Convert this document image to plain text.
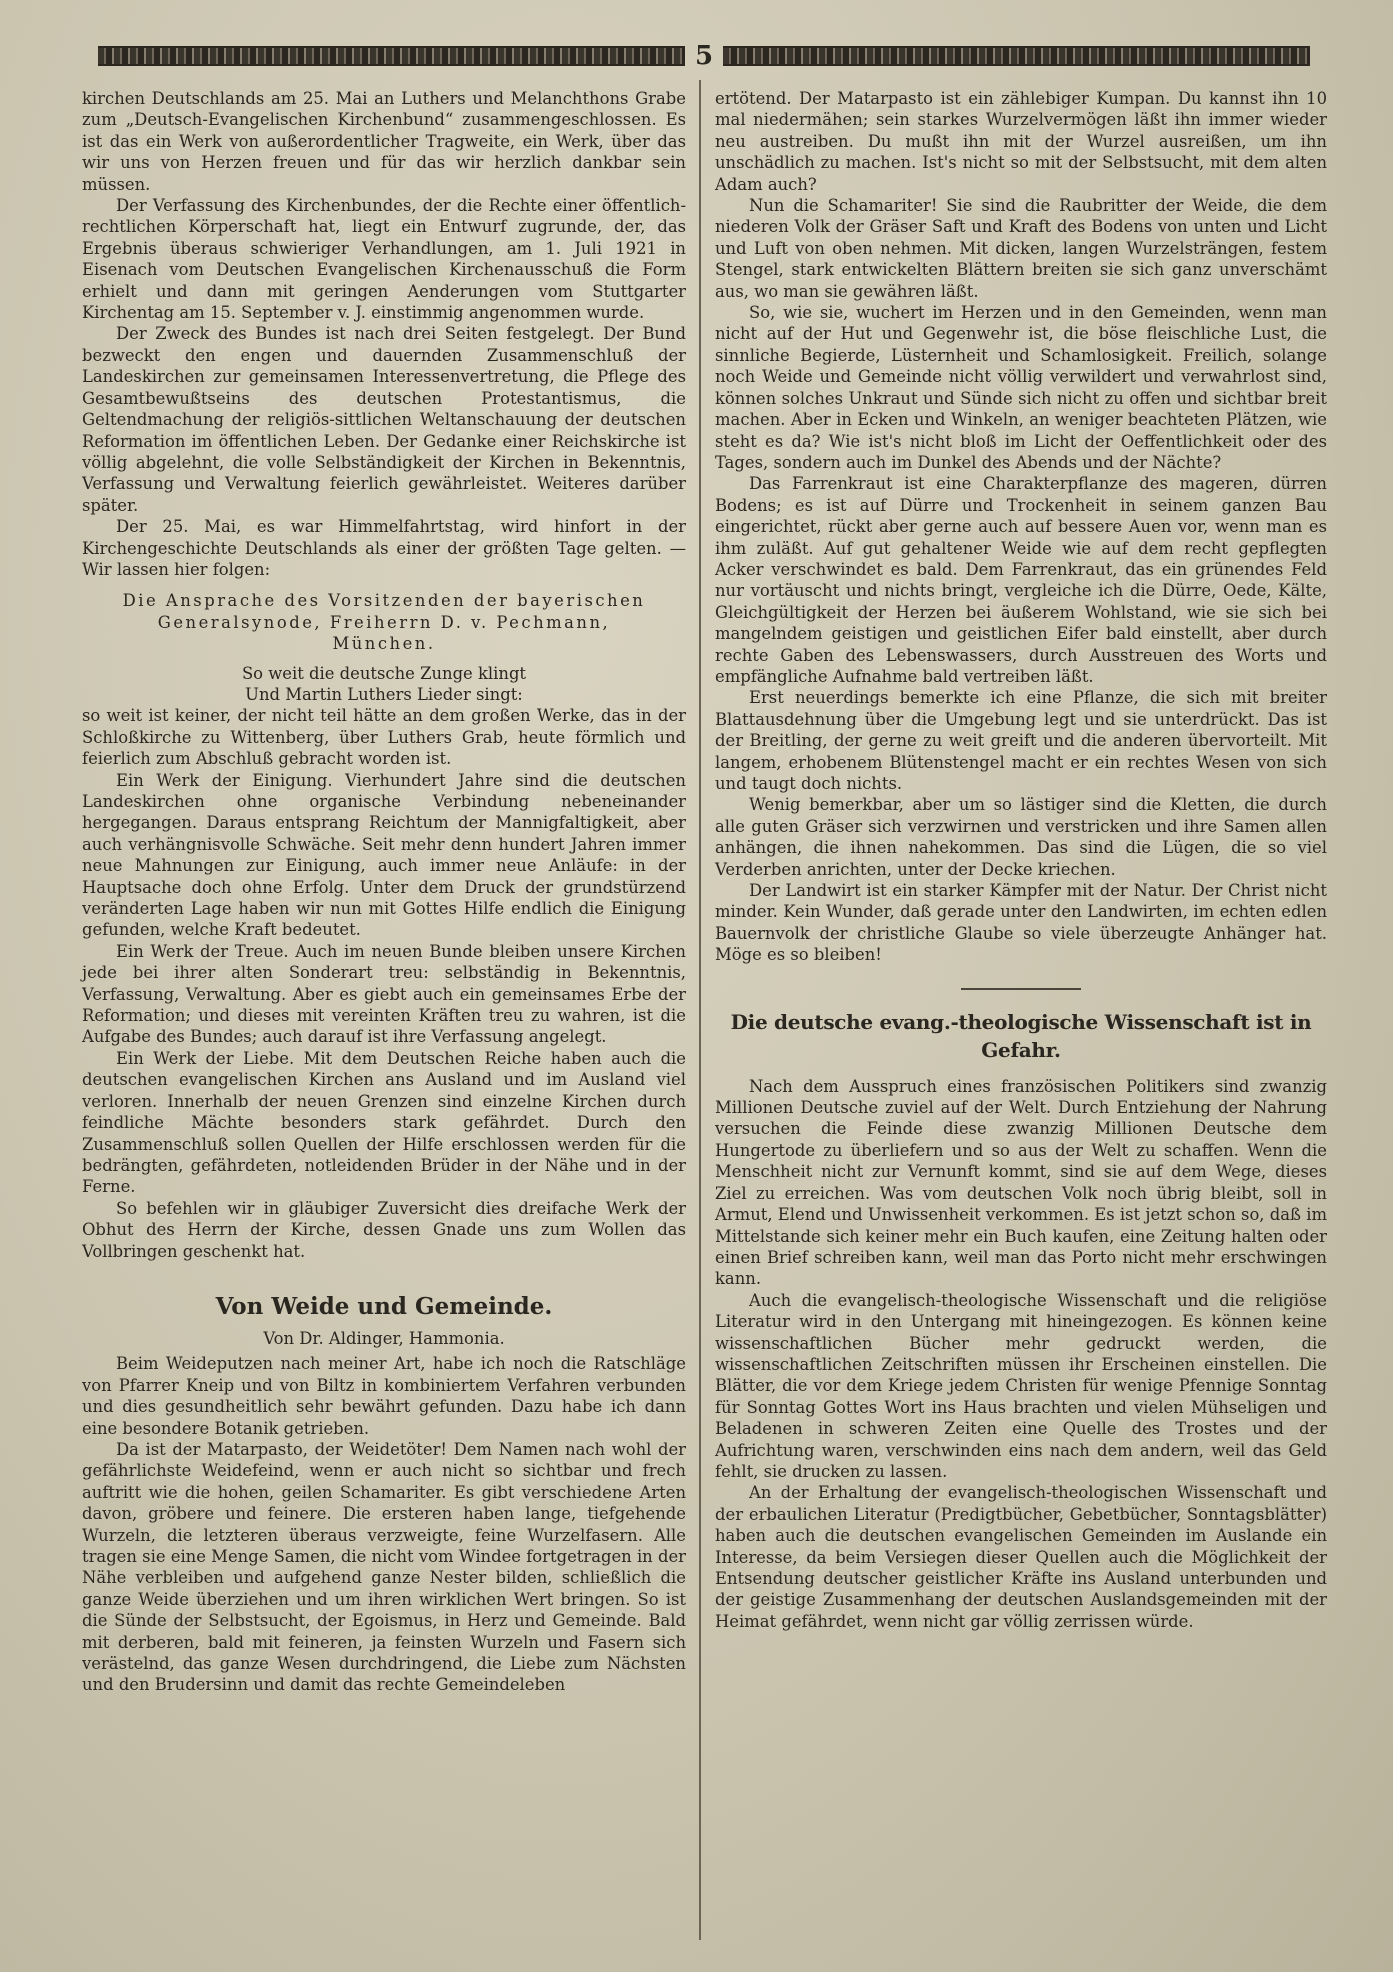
5

kirchen Deutschlands am 25. Mai an Luthers und Melanchthons Grabe zum „Deutsch-Evangelischen Kirchenbund“ zusammengeschlossen. Es ist das ein Werk von außerordentlicher Tragweite, ein Werk, über das wir uns von Herzen freuen und für das wir herzlich dankbar sein müssen.

Der Verfassung des Kirchenbundes, der die Rechte einer öffentlich-rechtlichen Körperschaft hat, liegt ein Entwurf zugrunde, der, das Ergebnis überaus schwieriger Verhandlungen, am 1. Juli 1921 in Eisenach vom Deutschen Evangelischen Kirchenausschuß die Form erhielt und dann mit geringen Aenderungen vom Stuttgarter Kirchentag am 15. September v. J. einstimmig angenommen wurde.

Der Zweck des Bundes ist nach drei Seiten festgelegt. Der Bund bezweckt den engen und dauernden Zusammenschluß der Landeskirchen zur gemeinsamen Interessenvertretung, die Pflege des Gesamtbewußtseins des deutschen Protestantismus, die Geltendmachung der religiös-sittlichen Weltanschauung der deutschen Reformation im öffentlichen Leben. Der Gedanke einer Reichskirche ist völlig abgelehnt, die volle Selbständigkeit der Kirchen in Bekenntnis, Verfassung und Verwaltung feierlich gewährleistet. Weiteres darüber später.

Der 25. Mai, es war Himmelfahrtstag, wird hinfort in der Kirchengeschichte Deutschlands als einer der größten Tage gelten. — Wir lassen hier folgen:

Die Ansprache des Vorsitzenden der bayerischen
Generalsynode, Freiherrn D. v. Pechmann,
München.
So weit die deutsche Zunge klingt
Und Martin Luthers Lieder singt:

so weit ist keiner, der nicht teil hätte an dem großen Werke, das in der Schloßkirche zu Wittenberg, über Luthers Grab, heute förmlich und feierlich zum Abschluß gebracht worden ist.

Ein Werk der Einigung. Vierhundert Jahre sind die deutschen Landeskirchen ohne organische Verbindung nebeneinander hergegangen. Daraus entsprang Reichtum der Mannigfaltigkeit, aber auch verhängnisvolle Schwäche. Seit mehr denn hundert Jahren immer neue Mahnungen zur Einigung, auch immer neue Anläufe: in der Hauptsache doch ohne Erfolg. Unter dem Druck der grundstürzend veränderten Lage haben wir nun mit Gottes Hilfe endlich die Einigung gefunden, welche Kraft bedeutet.

Ein Werk der Treue. Auch im neuen Bunde bleiben unsere Kirchen jede bei ihrer alten Sonderart treu: selbständig in Bekenntnis, Verfassung, Verwaltung. Aber es giebt auch ein gemeinsames Erbe der Reformation; und dieses mit vereinten Kräften treu zu wahren, ist die Aufgabe des Bundes; auch darauf ist ihre Verfassung angelegt.

Ein Werk der Liebe. Mit dem Deutschen Reiche haben auch die deutschen evangelischen Kirchen ans Ausland und im Ausland viel verloren. Innerhalb der neuen Grenzen sind einzelne Kirchen durch feindliche Mächte besonders stark gefährdet. Durch den Zusammenschluß sollen Quellen der Hilfe erschlossen werden für die bedrängten, gefährdeten, notleidenden Brüder in der Nähe und in der Ferne.

So befehlen wir in gläubiger Zuversicht dies dreifache Werk der Obhut des Herrn der Kirche, dessen Gnade uns zum Wollen das Vollbringen geschenkt hat.

Von Weide und Gemeinde.
Von Dr. Aldinger, Hammonia.

Beim Weideputzen nach meiner Art, habe ich noch die Ratschläge von Pfarrer Kneip und von Biltz in kombiniertem Verfahren verbunden und dies gesundheitlich sehr bewährt gefunden. Dazu habe ich dann eine besondere Botanik getrieben.

Da ist der Matarpasto, der Weidetöter! Dem Namen nach wohl der gefährlichste Weidefeind, wenn er auch nicht so sichtbar und frech auftritt wie die hohen, geilen Schamariter. Es gibt verschiedene Arten davon, gröbere und feinere. Die ersteren haben lange, tiefgehende Wurzeln, die letzteren überaus verzweigte, feine Wurzelfasern. Alle tragen sie eine Menge Samen, die nicht vom Windee fortgetragen in der Nähe verbleiben und aufgehend ganze Nester bilden, schließlich die ganze Weide überziehen und um ihren wirklichen Wert bringen. So ist die Sünde der Selbstsucht, der Egoismus, in Herz und Gemeinde. Bald mit derberen, bald mit feineren, ja feinsten Wurzeln und Fasern sich verästelnd, das ganze Wesen durchdringend, die Liebe zum Nächsten und den Brudersinn und damit das rechte Gemeindeleben

ertötend. Der Matarpasto ist ein zählebiger Kumpan. Du kannst ihn 10 mal niedermähen; sein starkes Wurzelvermögen läßt ihn immer wieder neu austreiben. Du mußt ihn mit der Wurzel ausreißen, um ihn unschädlich zu machen. Ist's nicht so mit der Selbstsucht, mit dem alten Adam auch?

Nun die Schamariter! Sie sind die Raubritter der Weide, die dem niederen Volk der Gräser Saft und Kraft des Bodens von unten und Licht und Luft von oben nehmen. Mit dicken, langen Wurzelsträngen, festem Stengel, stark entwickelten Blättern breiten sie sich ganz unverschämt aus, wo man sie gewähren läßt.

So, wie sie, wuchert im Herzen und in den Gemeinden, wenn man nicht auf der Hut und Gegenwehr ist, die böse fleischliche Lust, die sinnliche Begierde, Lüsternheit und Schamlosigkeit. Freilich, solange noch Weide und Gemeinde nicht völlig verwildert und verwahrlost sind, können solches Unkraut und Sünde sich nicht zu offen und sichtbar breit machen. Aber in Ecken und Winkeln, an weniger beachteten Plätzen, wie steht es da? Wie ist's nicht bloß im Licht der Oeffentlichkeit oder des Tages, sondern auch im Dunkel des Abends und der Nächte?

Das Farrenkraut ist eine Charakterpflanze des mageren, dürren Bodens; es ist auf Dürre und Trockenheit in seinem ganzen Bau eingerichtet, rückt aber gerne auch auf bessere Auen vor, wenn man es ihm zuläßt. Auf gut gehaltener Weide wie auf dem recht gepflegten Acker verschwindet es bald. Dem Farrenkraut, das ein grünendes Feld nur vortäuscht und nichts bringt, vergleiche ich die Dürre, Oede, Kälte, Gleichgültigkeit der Herzen bei äußerem Wohlstand, wie sie sich bei mangelndem geistigen und geistlichen Eifer bald einstellt, aber durch rechte Gaben des Lebenswassers, durch Ausstreuen des Worts und empfängliche Aufnahme bald vertreiben läßt.

Erst neuerdings bemerkte ich eine Pflanze, die sich mit breiter Blattausdehnung über die Umgebung legt und sie unterdrückt. Das ist der Breitling, der gerne zu weit greift und die anderen übervorteilt. Mit langem, erhobenem Blütenstengel macht er ein rechtes Wesen von sich und taugt doch nichts.

Wenig bemerkbar, aber um so lästiger sind die Kletten, die durch alle guten Gräser sich verzwirnen und verstricken und ihre Samen allen anhängen, die ihnen nahekommen. Das sind die Lügen, die so viel Verderben anrichten, unter der Decke kriechen.

Der Landwirt ist ein starker Kämpfer mit der Natur. Der Christ nicht minder. Kein Wunder, daß gerade unter den Landwirten, im echten edlen Bauernvolk der christliche Glaube so viele überzeugte Anhänger hat. Möge es so bleiben!

Die deutsche evang.-theologische Wissenschaft ist in Gefahr.

Nach dem Ausspruch eines französischen Politikers sind zwanzig Millionen Deutsche zuviel auf der Welt. Durch Entziehung der Nahrung versuchen die Feinde diese zwanzig Millionen Deutsche dem Hungertode zu überliefern und so aus der Welt zu schaffen. Wenn die Menschheit nicht zur Vernunft kommt, sind sie auf dem Wege, dieses Ziel zu erreichen. Was vom deutschen Volk noch übrig bleibt, soll in Armut, Elend und Unwissenheit verkommen. Es ist jetzt schon so, daß im Mittelstande sich keiner mehr ein Buch kaufen, eine Zeitung halten oder einen Brief schreiben kann, weil man das Porto nicht mehr erschwingen kann.

Auch die evangelisch-theologische Wissenschaft und die religiöse Literatur wird in den Untergang mit hineingezogen. Es können keine wissenschaftlichen Bücher mehr gedruckt werden, die wissenschaftlichen Zeitschriften müssen ihr Erscheinen einstellen. Die Blätter, die vor dem Kriege jedem Christen für wenige Pfennige Sonntag für Sonntag Gottes Wort ins Haus brachten und vielen Mühseligen und Beladenen in schweren Zeiten eine Quelle des Trostes und der Aufrichtung waren, verschwinden eins nach dem andern, weil das Geld fehlt, sie drucken zu lassen.

An der Erhaltung der evangelisch-theologischen Wissenschaft und der erbaulichen Literatur (Predigtbücher, Gebetbücher, Sonntagsblätter) haben auch die deutschen evangelischen Gemeinden im Auslande ein Interesse, da beim Versiegen dieser Quellen auch die Möglichkeit der Entsendung deutscher geistlicher Kräfte ins Ausland unterbunden und der geistige Zusammenhang der deutschen Auslandsgemeinden mit der Heimat gefährdet, wenn nicht gar völlig zerrissen würde.
